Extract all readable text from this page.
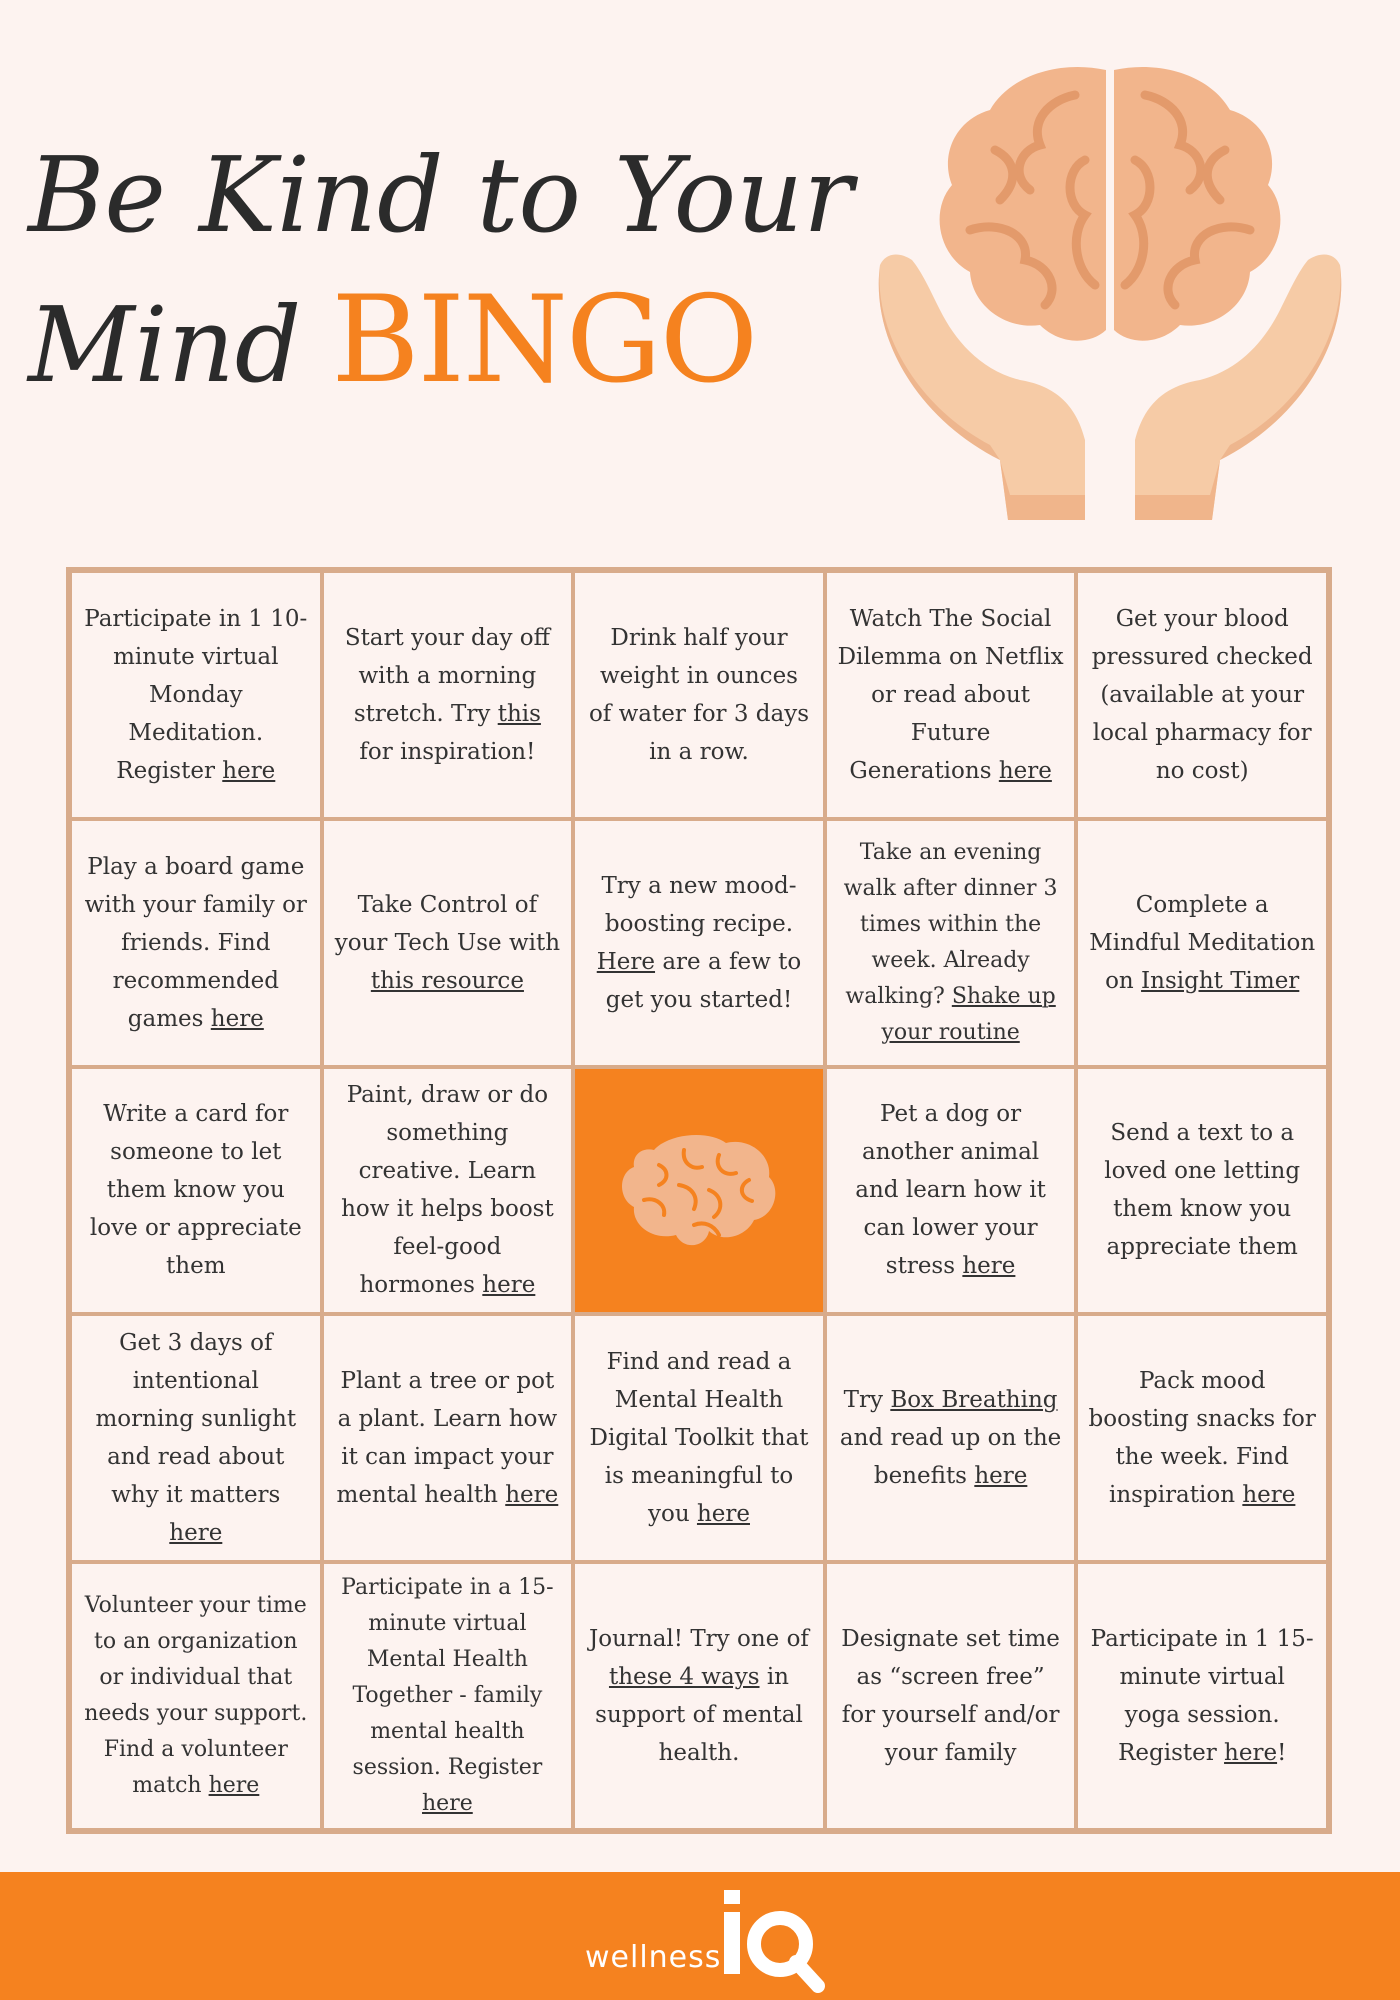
Be Kind to Your
Mind BINGO

Participate in 1 10-minute virtual Monday Meditation. Register here

Start your day off with a morning stretch. Try this for inspiration!

Drink half your weight in ounces of water for 3 days in a row.

Watch The Social Dilemma on Netflix or read about Future Generations here

Get your blood pressured checked (available at your local pharmacy for no cost)

Play a board game with your family or friends. Find recommended games here

Take Control of your Tech Use with this resource

Try a new mood-boosting recipe. Here are a few to get you started!

Take an evening walk after dinner 3 times within the week. Already walking? Shake up your routine

Complete a Mindful Meditation on Insight Timer

Write a card for someone to let them know you love or appreciate them

Paint, draw or do something creative. Learn how it helps boost feel-good hormones here

Pet a dog or another animal and learn how it can lower your stress here

Send a text to a loved one letting them know you appreciate them

Get 3 days of intentional morning sunlight and read about why it matters here

Plant a tree or pot a plant. Learn how it can impact your mental health here

Find and read a Mental Health Digital Toolkit that is meaningful to you here

Try Box Breathing and read up on the benefits here

Pack mood boosting snacks for the week. Find inspiration here

Volunteer your time to an organization or individual that needs your support. Find a volunteer match here

Participate in a 15-minute virtual Mental Health Together - family mental health session. Register here

Journal! Try one of these 4 ways in support of mental health.

Designate set time as “screen free” for yourself and/or your family

Participate in 1 15-minute virtual yoga session. Register here!

wellness
iQ
